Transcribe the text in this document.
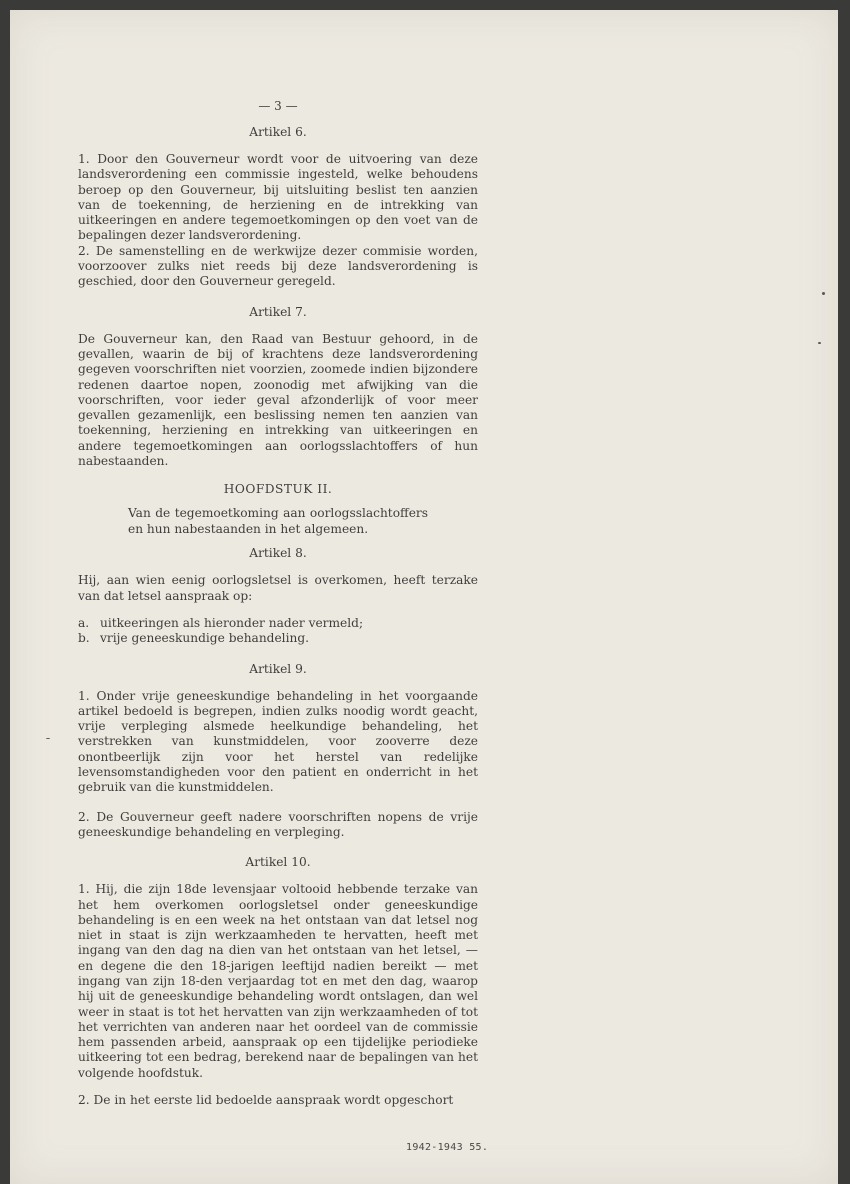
— 3 —
Artikel 6.

1. Door den Gouverneur wordt voor de uitvoering van deze landsverordening een commissie ingesteld, welke behoudens beroep op den Gouverneur, bij uitsluiting beslist ten aanzien van de toekenning, de herziening en de intrekking van uitkeeringen en andere tegemoetkomingen op den voet van de bepalingen dezer landsverordening.

2. De samenstelling en de werkwijze dezer commisie worden, voorzoover zulks niet reeds bij deze landsverordening is geschied, door den Gouverneur geregeld.

Artikel 7.

De Gouverneur kan, den Raad van Bestuur gehoord, in de gevallen, waarin de bij of krachtens deze landsverordening gegeven voorschriften niet voorzien, zoomede indien bijzondere redenen daartoe nopen, zoonodig met afwijking van die voorschriften, voor ieder geval afzonderlijk of voor meer gevallen gezamenlijk, een beslissing nemen ten aanzien van toekenning, herziening en intrekking van uitkeeringen en andere tegemoetkomingen aan oorlogsslachtoffers of hun nabestaanden.

HOOFDSTUK II.
Van de tegemoetkoming aan oorlogsslachtoffers en hun nabestaanden in het algemeen.
Artikel 8.

Hij, aan wien eenig oorlogsletsel is overkomen, heeft terzake van dat letsel aanspraak op:

a. uitkeeringen als hieronder nader vermeld;
b. vrije geneeskundige behandeling.
Artikel 9.

1. Onder vrije geneeskundige behandeling in het voorgaande artikel bedoeld is begrepen, indien zulks noodig wordt geacht, vrije verpleging alsmede heelkundige behandeling, het verstrekken van kunstmiddelen, voor zooverre deze onontbeerlijk zijn voor het herstel van redelijke levensomstandigheden voor den patient en onderricht in het gebruik van die kunstmiddelen.

2. De Gouverneur geeft nadere voorschriften nopens de vrije geneeskundige behandeling en verpleging.

Artikel 10.

1. Hij, die zijn 18de levensjaar voltooid hebbende terzake van het hem overkomen oorlogsletsel onder geneeskundige behandeling is en een week na het ontstaan van dat letsel nog niet in staat is zijn werkzaamheden te hervatten, heeft met ingang van den dag na dien van het ontstaan van het letsel, — en degene die den 18-jarigen leeftijd nadien bereikt — met ingang van zijn 18-den verjaardag tot en met den dag, waarop hij uit de geneeskundige behandeling wordt ontslagen, dan wel weer in staat is tot het hervatten van zijn werkzaamheden of tot het verrichten van anderen naar het oordeel van de commissie hem passenden arbeid, aanspraak op een tijdelijke periodieke uitkeering tot een bedrag, berekend naar de bepalingen van het volgende hoofdstuk.

2. De in het eerste lid bedoelde aanspraak wordt opgeschort

1942-1943 55.
